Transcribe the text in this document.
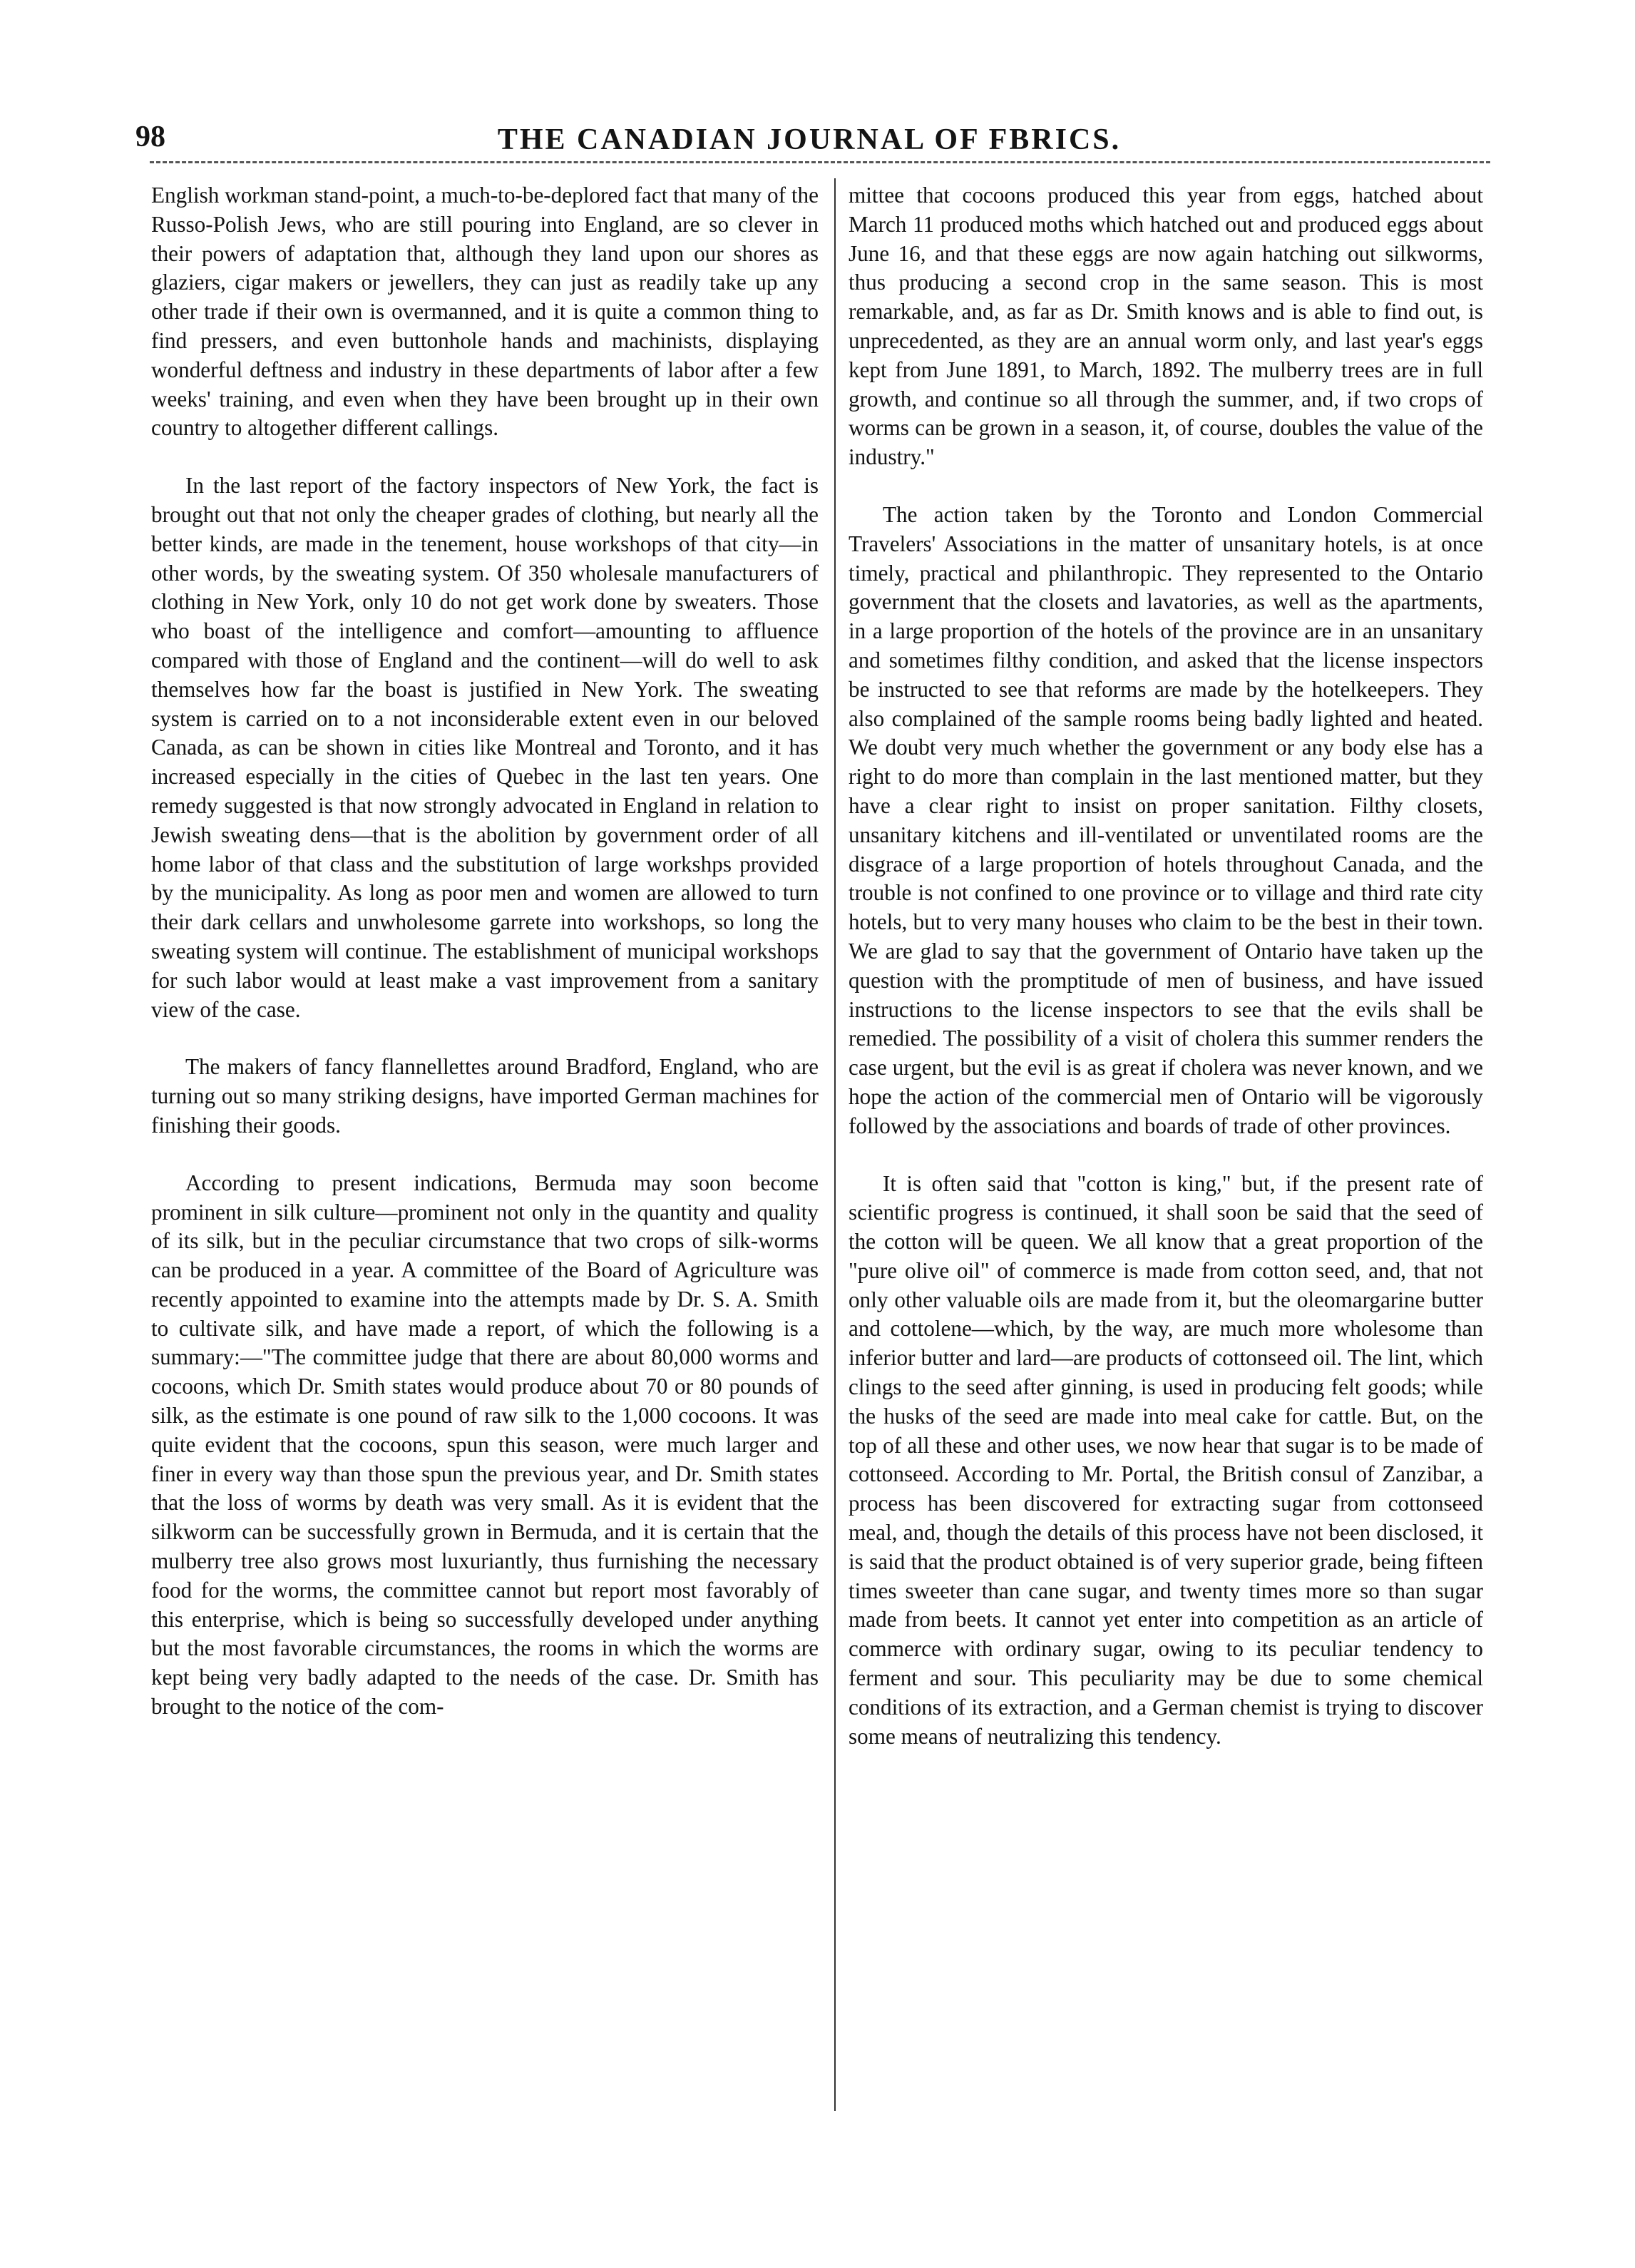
98	THE CANADIAN JOURNAL OF FBRICS.

English workman stand-point, a much-to-be-deplored fact that many of the Russo-Polish Jews, who are still pouring into England, are so clever in their powers of adaptation that, although they land upon our shores as glaziers, cigar makers or jewellers, they can just as readily take up any other trade if their own is overmanned, and it is quite a common thing to find pressers, and even buttonhole hands and machinists, displaying wonderful deftness and industry in these departments of labor after a few weeks' training, and even when they have been brought up in their own country to altogether different callings.

In the last report of the factory inspectors of New York, the fact is brought out that not only the cheaper grades of clothing, but nearly all the better kinds, are made in the tenement, house workshops of that city—in other words, by the sweating system. Of 350 wholesale manufacturers of clothing in New York, only 10 do not get work done by sweaters. Those who boast of the intelligence and comfort—amounting to affluence compared with those of England and the continent—will do well to ask themselves how far the boast is justified in New York. The sweating system is carried on to a not inconsiderable extent even in our beloved Canada, as can be shown in cities like Montreal and Toronto, and it has increased especially in the cities of Quebec in the last ten years. One remedy suggested is that now strongly advocated in England in relation to Jewish sweating dens—that is the abolition by government order of all home labor of that class and the substitution of large workshps provided by the municipality. As long as poor men and women are allowed to turn their dark cellars and unwholesome garrete into workshops, so long the sweating system will continue. The establishment of municipal workshops for such labor would at least make a vast improvement from a sanitary view of the case.

The makers of fancy flannellettes around Bradford, England, who are turning out so many striking designs, have imported German machines for finishing their goods.

According to present indications, Bermuda may soon become prominent in silk culture—prominent not only in the quantity and quality of its silk, but in the peculiar circumstance that two crops of silk-worms can be produced in a year. A committee of the Board of Agriculture was recently appointed to examine into the attempts made by Dr. S. A. Smith to cultivate silk, and have made a report, of which the following is a summary:—"The committee judge that there are about 80,000 worms and cocoons, which Dr. Smith states would produce about 70 or 80 pounds of silk, as the estimate is one pound of raw silk to the 1,000 cocoons. It was quite evident that the cocoons, spun this season, were much larger and finer in every way than those spun the previous year, and Dr. Smith states that the loss of worms by death was very small. As it is evident that the silkworm can be successfully grown in Bermuda, and it is certain that the mulberry tree also grows most luxuriantly, thus furnishing the necessary food for the worms, the committee cannot but report most favorably of this enterprise, which is being so successfully developed under anything but the most favorable circumstances, the rooms in which the worms are kept being very badly adapted to the needs of the case. Dr. Smith has brought to the notice of the com-

mittee that cocoons produced this year from eggs, hatched about March 11 produced moths which hatched out and produced eggs about June 16, and that these eggs are now again hatching out silkworms, thus producing a second crop in the same season. This is most remarkable, and, as far as Dr. Smith knows and is able to find out, is unprecedented, as they are an annual worm only, and last year's eggs kept from June 1891, to March, 1892. The mulberry trees are in full growth, and continue so all through the summer, and, if two crops of worms can be grown in a season, it, of course, doubles the value of the industry."

The action taken by the Toronto and London Commercial Travelers' Associations in the matter of unsanitary hotels, is at once timely, practical and philanthropic. They represented to the Ontario government that the closets and lavatories, as well as the apartments, in a large proportion of the hotels of the province are in an unsanitary and sometimes filthy condition, and asked that the license inspectors be instructed to see that reforms are made by the hotelkeepers. They also complained of the sample rooms being badly lighted and heated. We doubt very much whether the government or any body else has a right to do more than complain in the last mentioned matter, but they have a clear right to insist on proper sanitation. Filthy closets, unsanitary kitchens and ill-ventilated or unventilated rooms are the disgrace of a large proportion of hotels throughout Canada, and the trouble is not confined to one province or to village and third rate city hotels, but to very many houses who claim to be the best in their town. We are glad to say that the government of Ontario have taken up the question with the promptitude of men of business, and have issued instructions to the license inspectors to see that the evils shall be remedied. The possibility of a visit of cholera this summer renders the case urgent, but the evil is as great if cholera was never known, and we hope the action of the commercial men of Ontario will be vigorously followed by the associations and boards of trade of other provinces.

It is often said that "cotton is king," but, if the present rate of scientific progress is continued, it shall soon be said that the seed of the cotton will be queen. We all know that a great proportion of the "pure olive oil" of commerce is made from cotton seed, and, that not only other valuable oils are made from it, but the oleomargarine butter and cottolene—which, by the way, are much more wholesome than inferior butter and lard—are products of cottonseed oil. The lint, which clings to the seed after ginning, is used in producing felt goods; while the husks of the seed are made into meal cake for cattle. But, on the top of all these and other uses, we now hear that sugar is to be made of cottonseed. According to Mr. Portal, the British consul of Zanzibar, a process has been discovered for extracting sugar from cottonseed meal, and, though the details of this process have not been disclosed, it is said that the product obtained is of very superior grade, being fifteen times sweeter than cane sugar, and twenty times more so than sugar made from beets. It cannot yet enter into competition as an article of commerce with ordinary sugar, owing to its peculiar tendency to ferment and sour. This peculiarity may be due to some chemical conditions of its extraction, and a German chemist is trying to discover some means of neutralizing this tendency.
